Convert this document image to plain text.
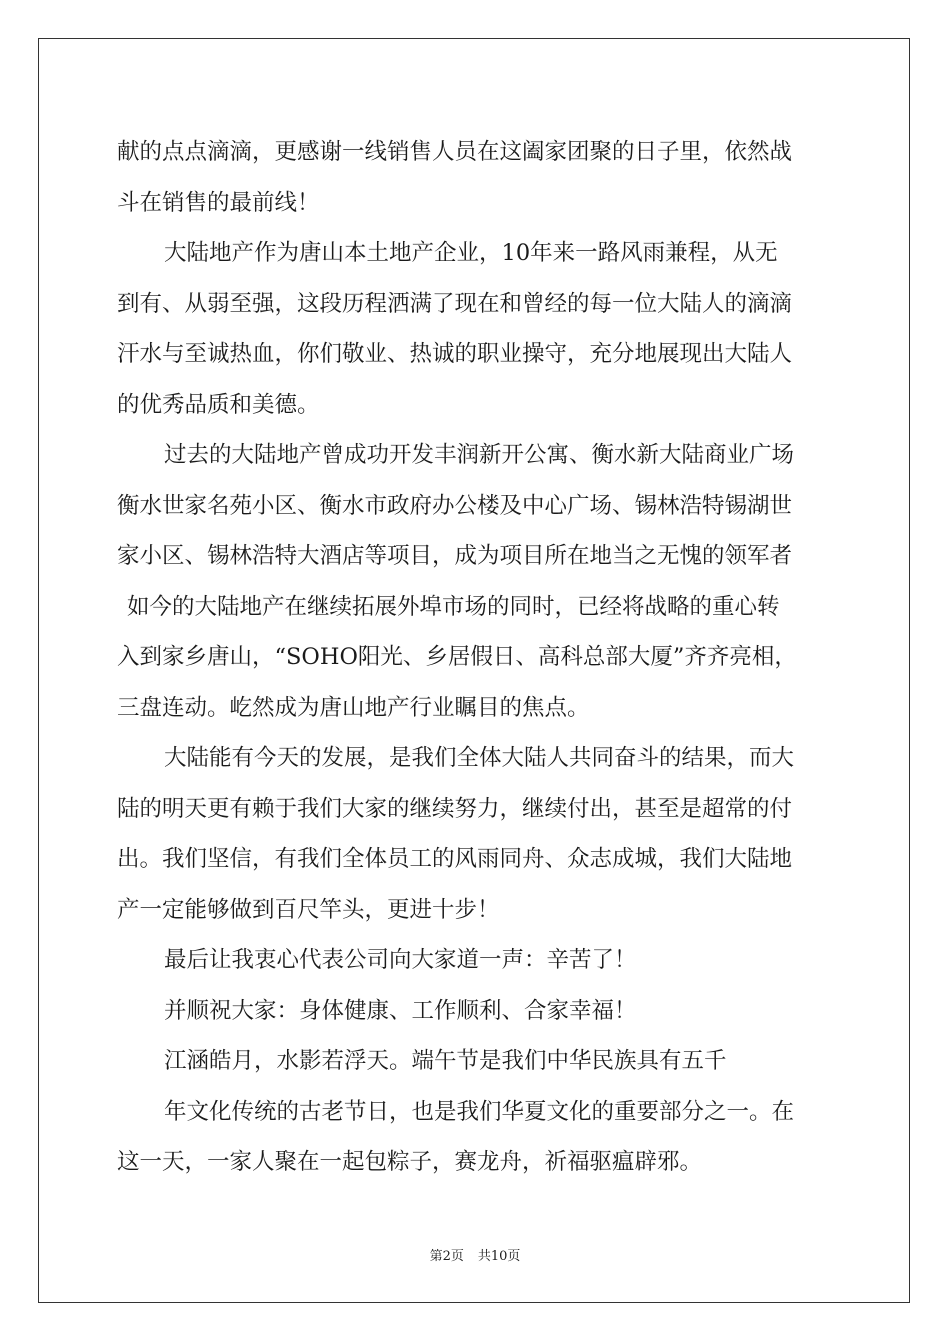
献的点点滴滴，更感谢一线销售人员在这阖家团聚的日子里，依然战
斗在销售的最前线！
大陆地产作为唐山本土地产企业，10年来一路风雨兼程，从无
到有、从弱至强，这段历程洒满了现在和曾经的每一位大陆人的滴滴
汗水与至诚热血，你们敬业、热诚的职业操守，充分地展现出大陆人
的优秀品质和美德。
过去的大陆地产曾成功开发丰润新开公寓、衡水新大陆商业广场
衡水世家名苑小区、衡水市政府办公楼及中心广场、锡林浩特锡湖世
家小区、锡林浩特大酒店等项目，成为项目所在地当之无愧的领军者
如今的大陆地产在继续拓展外埠市场的同时，已经将战略的重心转
入到家乡唐山，“SOHO阳光、乡居假日、高科总部大厦”齐齐亮相，
三盘连动。屹然成为唐山地产行业瞩目的焦点。
大陆能有今天的发展，是我们全体大陆人共同奋斗的结果，而大
陆的明天更有赖于我们大家的继续努力，继续付出，甚至是超常的付
出。我们坚信，有我们全体员工的风雨同舟、众志成城，我们大陆地
产一定能够做到百尺竿头，更进十步！
最后让我衷心代表公司向大家道一声：辛苦了！
并顺祝大家：身体健康、工作顺利、合家幸福！
江涵皓月，水影若浮天。端午节是我们中华民族具有五千
年文化传统的古老节日，也是我们华夏文化的重要部分之一。在
这一天，一家人聚在一起包粽子，赛龙舟，祈福驱瘟辟邪。
第2页 共10页
